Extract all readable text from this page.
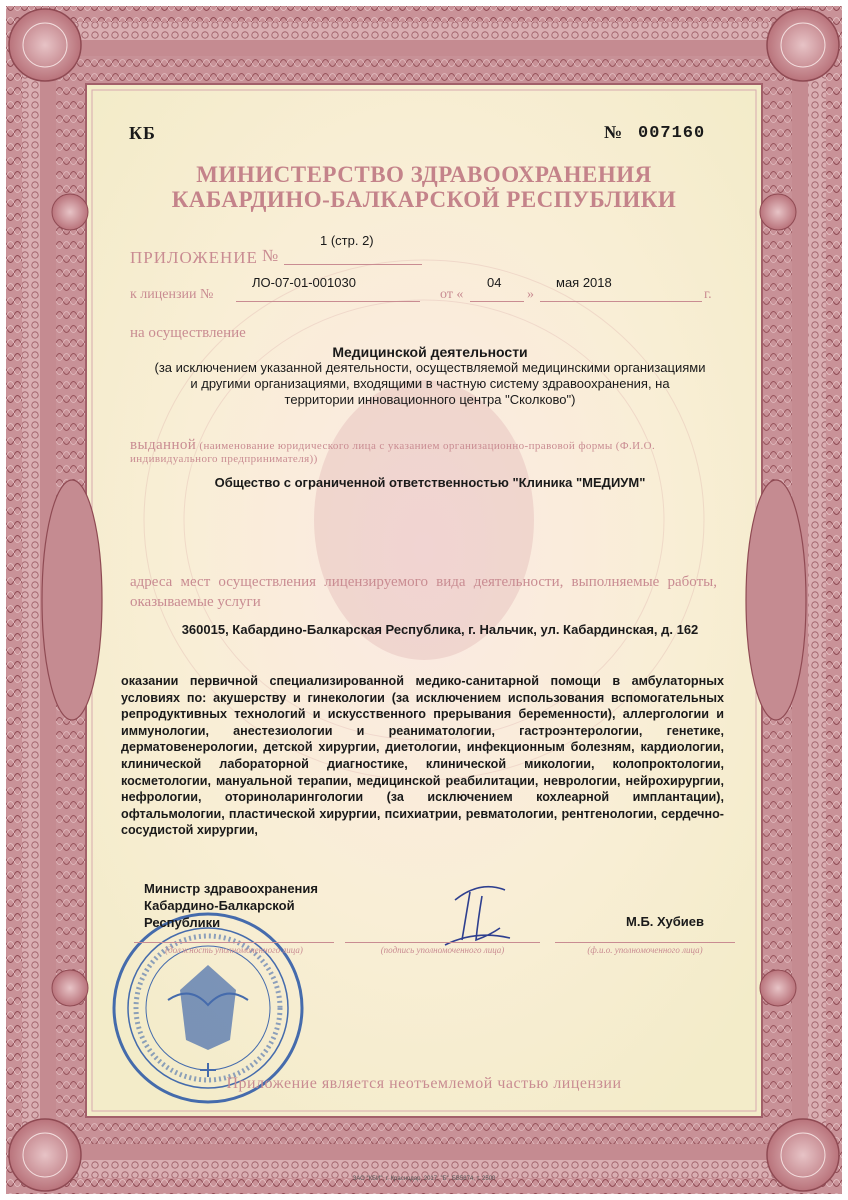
КБ	№ 007160
МИНИСТЕРСТВО ЗДРАВООХРАНЕНИЯ
КАБАРДИНО-БАЛКАРСКОЙ РЕСПУБЛИКИ
ПРИЛОЖЕНИЕ №
1 (стр. 2)
к лицензии №
ЛО-07-01-001030
от «
04
»
мая 2018
г.
на осуществление
Медицинской деятельности
(за исключением указанной деятельности, осуществляемой медицинскими организациями
и другими организациями, входящими в частную систему здравоохранения, на
территории инновационного центра "Сколково")
выданной (наименование юридического лица с указанием организационно-правовой формы (Ф.И.О.
индивидуального предпринимателя))
Общество с ограниченной ответственностью "Клиника "МЕДИУМ"
адреса мест осуществления лицензируемого вида деятельности, выполняемые работы, оказываемые услуги
360015, Кабардино-Балкарская Республика, г. Нальчик, ул. Кабардинская, д. 162
оказании первичной специализированной медико-санитарной помощи в амбулаторных условиях по: акушерству и гинекологии (за исключением использования вспомогательных репродуктивных технологий и искусственного прерывания беременности), аллергологии и иммунологии, анестезиологии и реаниматологии, гастроэнтерологии, генетике, дерматовенерологии, детской хирургии, диетологии, инфекционным болезням, кардиологии, клинической лабораторной диагностике, клинической микологии, колопроктологии, косметологии, мануальной терапии, медицинской реабилитации, неврологии, нейрохирургии, нефрологии, оториноларингологии (за исключением кохлеарной имплантации), офтальмологии, пластической хирургии, психиатрии, ревматологии, рентгенологии, сердечно-сосудистой хирургии,
Министр здравоохранения
Кабардино-Балкарской
Республики	М.Б. Хубиев
(должность уполномоченного лица)	(подпись уполномоченного лица)	(ф.и.о. уполномоченного лица)
Приложение является неотъемлемой частью лицензии
ЗАО "КБИ", г. Краснодар, 2017, "Б", БВ5874, т. 2500
